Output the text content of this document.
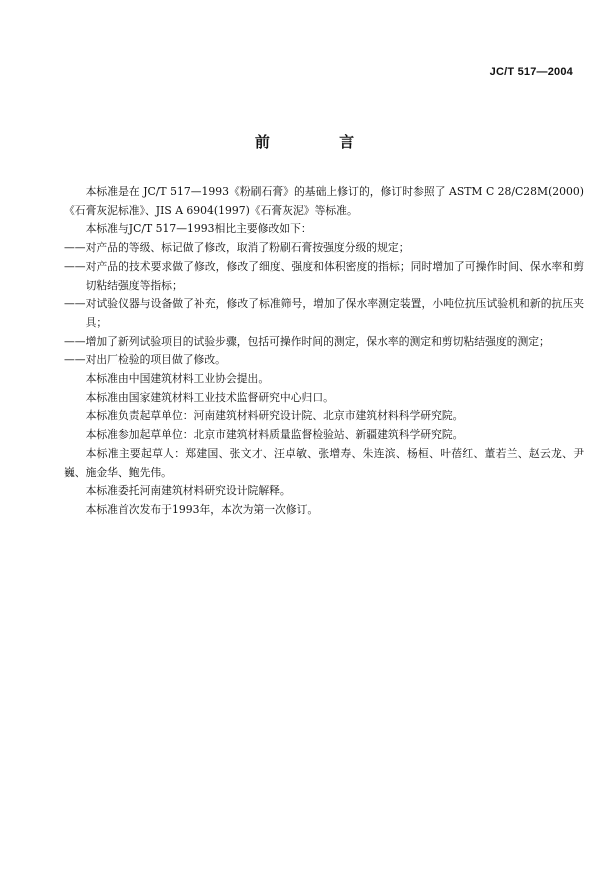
JC/T 517—2004
前 言

本标准是在 JC/T 517—1993《粉刷石膏》的基础上修订的，修订时参照了 ASTM C 28/C28M(2000)《石膏灰泥标准》、JIS A 6904(1997)《石膏灰泥》等标准。

本标准与JC/T 517—1993相比主要修改如下：

——对产品的等级、标记做了修改，取消了粉刷石膏按强度分级的规定；

——对产品的技术要求做了修改，修改了细度、强度和体积密度的指标；同时增加了可操作时间、保水率和剪切粘结强度等指标；

——对试验仪器与设备做了补充，修改了标准筛号，增加了保水率测定装置，小吨位抗压试验机和新的抗压夹具；

——增加了新列试验项目的试验步骤，包括可操作时间的测定，保水率的测定和剪切粘结强度的测定；

——对出厂检验的项目做了修改。

本标准由中国建筑材料工业协会提出。

本标准由国家建筑材料工业技术监督研究中心归口。

本标准负责起草单位：河南建筑材料研究设计院、北京市建筑材料科学研究院。

本标准参加起草单位：北京市建筑材料质量监督检验站、新疆建筑科学研究院。

本标准主要起草人：郑建国、张文才、汪卓敏、张增寿、朱连滨、杨桓、叶蓓红、董若兰、赵云龙、尹巍、施金华、鲍先伟。

本标准委托河南建筑材料研究设计院解释。

本标准首次发布于1993年，本次为第一次修订。
